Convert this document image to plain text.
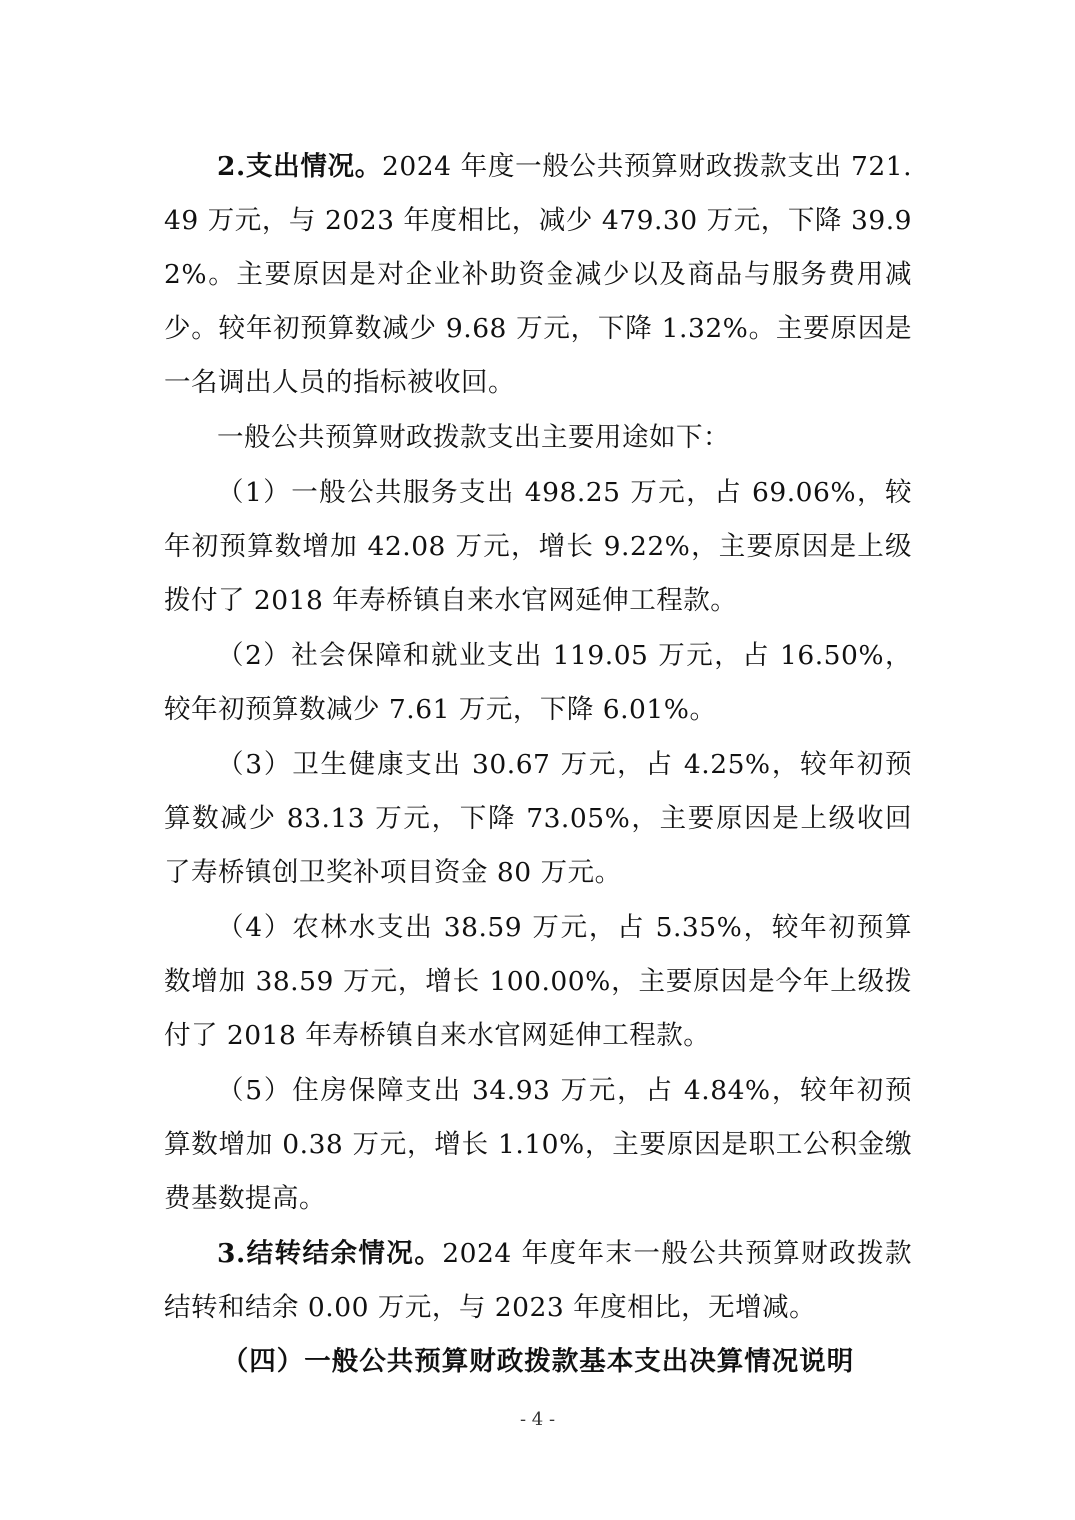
2.支出情况。2024 年度一般公共预算财政拨款支出 721.49 万元，与 2023 年度相比，减少 479.30 万元，下降 39.92%。主要原因是对企业补助资金减少以及商品与服务费用减少。较年初预算数减少 9.68 万元，下降 1.32%。主要原因是一名调出人员的指标被收回。

一般公共预算财政拨款支出主要用途如下：

（1）一般公共服务支出 498.25 万元，占 69.06%，较年初预算数增加 42.08 万元，增长 9.22%，主要原因是上级拨付了 2018 年寿桥镇自来水官网延伸工程款。

（2）社会保障和就业支出 119.05 万元，占 16.50%，较年初预算数减少 7.61 万元，下降 6.01%。

（3）卫生健康支出 30.67 万元，占 4.25%，较年初预算数减少 83.13 万元，下降 73.05%，主要原因是上级收回了寿桥镇创卫奖补项目资金 80 万元。

（4）农林水支出 38.59 万元，占 5.35%，较年初预算数增加 38.59 万元，增长 100.00%，主要原因是今年上级拨付了 2018 年寿桥镇自来水官网延伸工程款。

（5）住房保障支出 34.93 万元，占 4.84%，较年初预算数增加 0.38 万元，增长 1.10%，主要原因是职工公积金缴费基数提高。

3.结转结余情况。2024 年度年末一般公共预算财政拨款结转和结余 0.00 万元，与 2023 年度相比，无增减。

（四）一般公共预算财政拨款基本支出决算情况说明

- 4 -
